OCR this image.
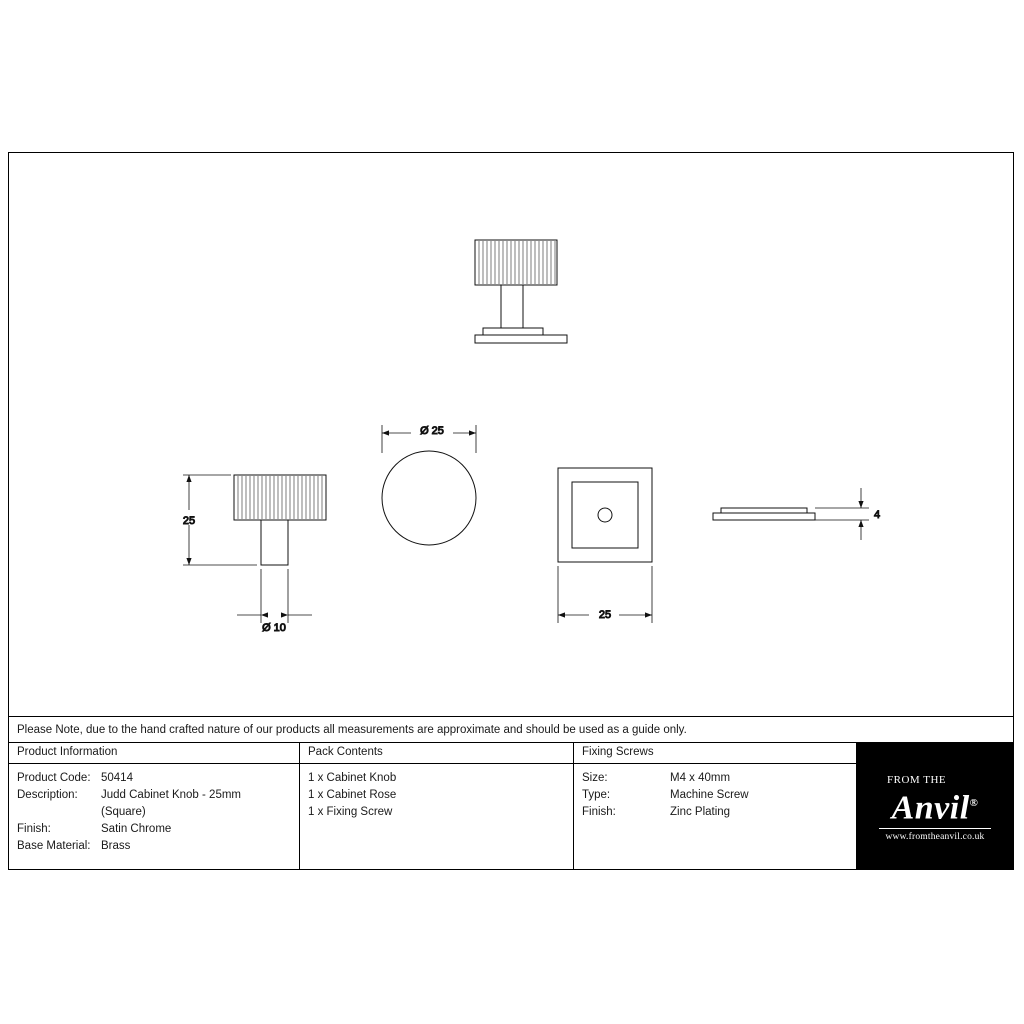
25
Ø 10
Ø 25
25
4
Please Note, due to the hand crafted nature of our products all measurements are approximate and should be used as a guide only.
Product Information
Product Code: 50414
Description:	Judd Cabinet Knob - 25mm
(Square)
Finish:	Satin Chrome
Base Material: Brass
Pack Contents
1 x Cabinet Knob
1 x Cabinet Rose
1 x Fixing Screw
Fixing Screws
Size:	M4 x 40mm
Type:	Machine Screw
Finish:	Zinc Plating
FROM THE
Anvil®
www.fromtheanvil.co.uk
